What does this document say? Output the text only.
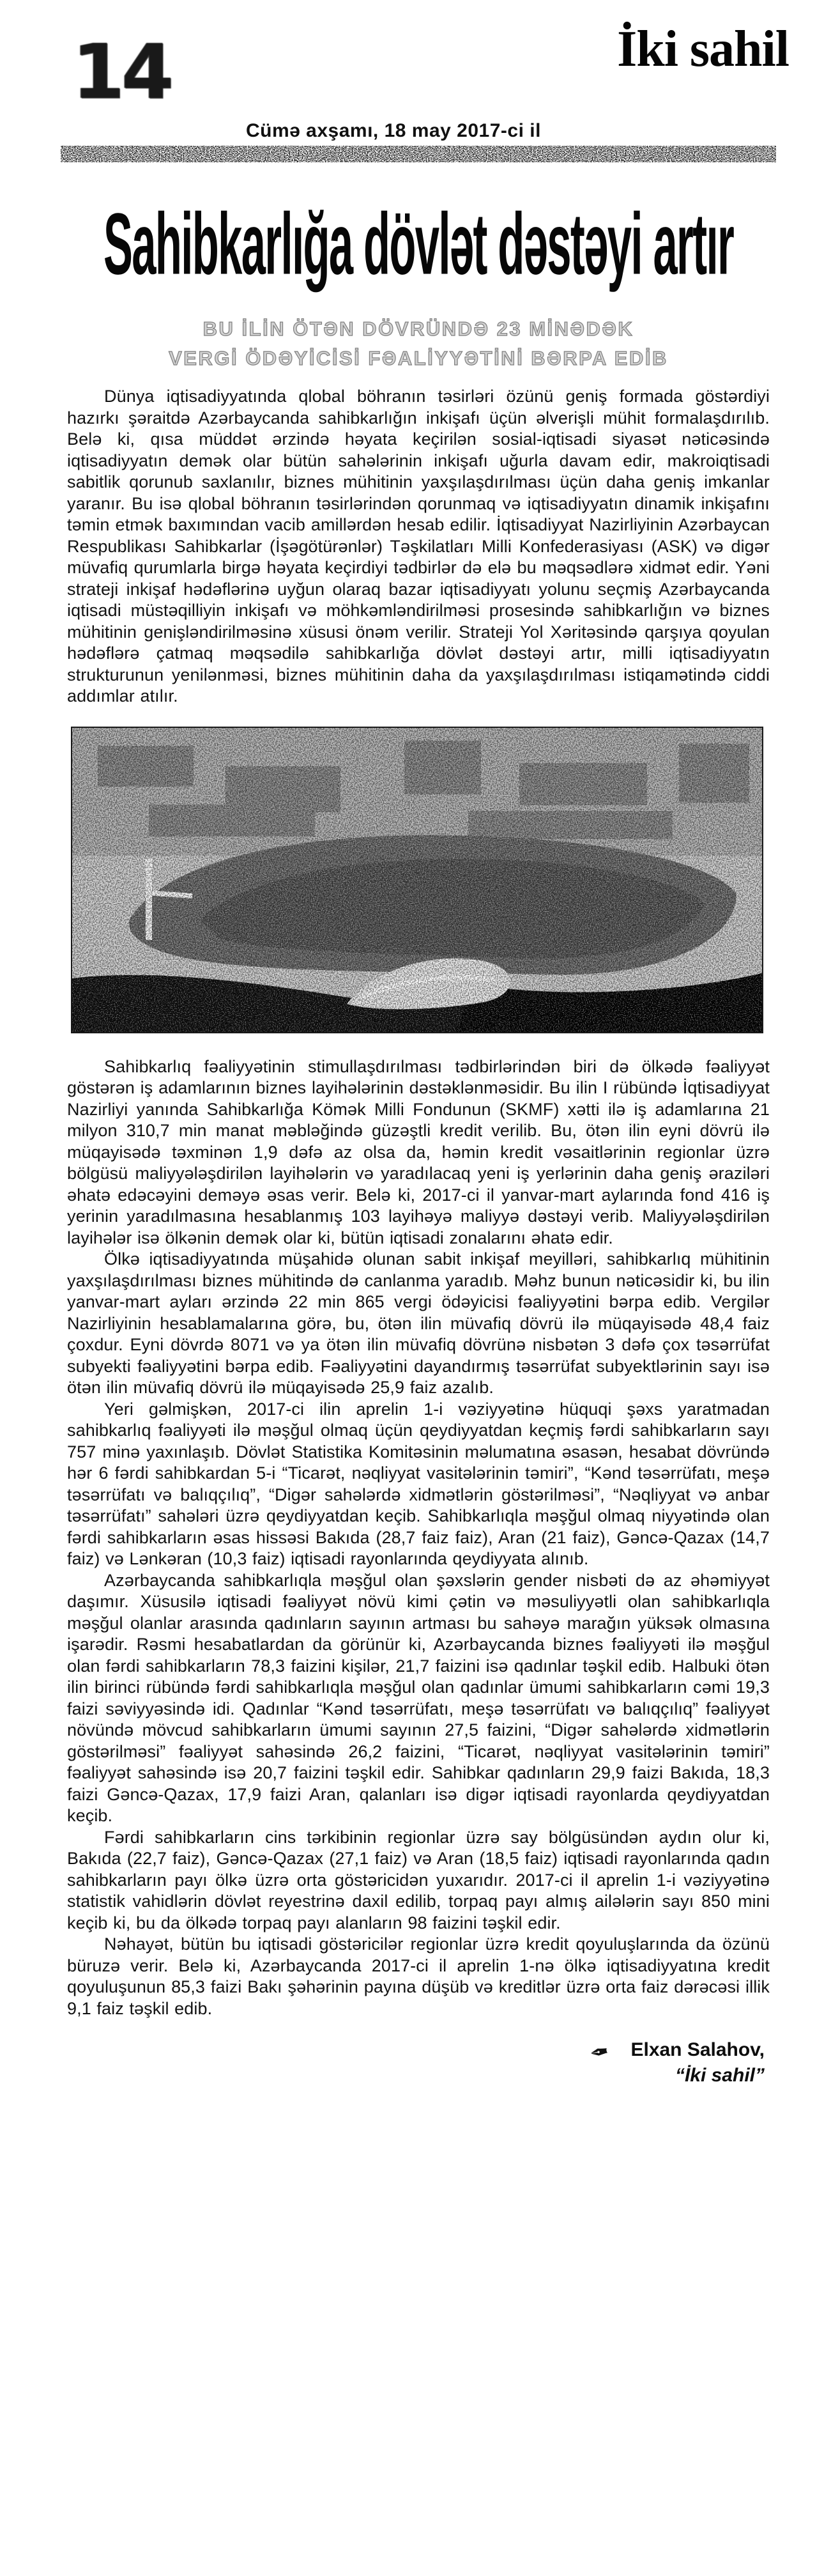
14
Cümə axşamı, 18 may 2017-ci il
İki sahil
Sahibkarlığa dövlət dəstəyi artır
BU İLİN ÖTƏN DÖVRÜNDƏ 23 MİNƏDƏK
VERGİ ÖDƏYİCİSİ FƏALİYYƏTİNİ BƏRPA EDİB

Dünya iqtisadiyyatında qlobal böhranın təsirləri özünü geniş formada göstərdiyi hazırkı şəraitdə Azərbaycanda sahibkarlığın inkişafı üçün əlverişli mühit formalaşdırılıb. Belə ki, qısa müddət ərzində həyata keçirilən sosial-iqtisadi siyasət nəticəsində iqtisadiyyatın demək olar bütün sahələrinin inkişafı uğurla davam edir, makroiqtisadi sabitlik qorunub saxlanılır, biznes mühitinin yaxşılaşdırılması üçün daha geniş imkanlar yaranır. Bu isə qlobal böhranın təsirlərindən qorunmaq və iqtisadiyyatın dinamik inkişafını təmin etmək baxımından vacib amillərdən hesab edilir. İqtisadiyyat Nazirliyinin Azərbaycan Respublikası Sahibkarlar (İşəgötürənlər) Təşkilatları Milli Konfederasiyası (ASK) və digər müvafiq qurumlarla birgə həyata keçirdiyi tədbirlər də elə bu məqsədlərə xidmət edir. Yəni strateji inkişaf hədəflərinə uyğun olaraq bazar iqtisadiyyatı yolunu seçmiş Azərbaycanda iqtisadi müstəqilliyin inkişafı və möhkəmləndirilməsi prosesində sahibkarlığın və biznes mühitinin genişləndirilməsinə xüsusi önəm verilir. Strateji Yol Xəritəsində qarşıya qoyulan hədəflərə çatmaq məqsədilə sahibkarlığa dövlət dəstəyi artır, milli iqtisadiyyatın strukturunun yenilənməsi, biznes mühitinin daha da yaxşılaşdırılması istiqamətində ciddi addımlar atılır.

Sahibkarlıq fəaliyyətinin stimullaşdırılması tədbirlərindən biri də ölkədə fəaliyyət göstərən iş adamlarının biznes layihələrinin dəstəklənməsidir. Bu ilin I rübündə İqtisadiyyat Nazirliyi yanında Sahibkarlığa Kömək Milli Fondunun (SKMF) xətti ilə iş adamlarına 21 milyon 310,7 min manat məbləğində güzəştli kredit verilib. Bu, ötən ilin eyni dövrü ilə müqayisədə təxminən 1,9 dəfə az olsa da, həmin kredit vəsaitlərinin regionlar üzrə bölgüsü maliyyələşdirilən layihələrin və yaradılacaq yeni iş yerlərinin daha geniş əraziləri əhatə edəcəyini deməyə əsas verir. Belə ki, 2017-ci il yanvar-mart aylarında fond 416 iş yerinin yaradılmasına hesablanmış 103 layihəyə maliyyə dəstəyi verib. Maliyyələşdirilən layihələr isə ölkənin demək olar ki, bütün iqtisadi zonalarını əhatə edir.

Ölkə iqtisadiyyatında müşahidə olunan sabit inkişaf meyilləri, sahibkarlıq mühitinin yaxşılaşdırılması biznes mühitində də canlanma yaradıb. Məhz bunun nəticəsidir ki, bu ilin yanvar-mart ayları ərzində 22 min 865 vergi ödəyicisi fəaliyyətini bərpa edib. Vergilər Nazirliyinin hesablamalarına görə, bu, ötən ilin müvafiq dövrü ilə müqayisədə 48,4 faiz çoxdur. Eyni dövrdə 8071 və ya ötən ilin müvafiq dövrünə nisbətən 3 dəfə çox təsərrüfat subyekti fəaliyyətini bərpa edib. Fəaliyyətini dayandırmış təsərrüfat subyektlərinin sayı isə ötən ilin müvafiq dövrü ilə müqayisədə 25,9 faiz azalıb.

Yeri gəlmişkən, 2017-ci ilin aprelin 1-i vəziyyətinə hüquqi şəxs yaratmadan sahibkarlıq fəaliyyəti ilə məşğul olmaq üçün qeydiyyatdan keçmiş fərdi sahibkarların sayı 757 minə yaxınlaşıb. Dövlət Statistika Komitəsinin məlumatına əsasən, hesabat dövründə hər 6 fərdi sahibkardan 5-i “Ticarət, nəqliyyat vasitələrinin təmiri”, “Kənd təsərrüfatı, meşə təsərrüfatı və balıqçılıq”, “Digər sahələrdə xidmətlərin göstərilməsi”, “Nəqliyyat və anbar təsərrüfatı” sahələri üzrə qeydiyyatdan keçib. Sahibkarlıqla məşğul olmaq niyyətində olan fərdi sahibkarların əsas hissəsi Bakıda (28,7 faiz faiz), Aran (21 faiz), Gəncə-Qazax (14,7 faiz) və Lənkəran (10,3 faiz) iqtisadi rayonlarında qeydiyyata alınıb.

Azərbaycanda sahibkarlıqla məşğul olan şəxslərin gender nisbəti də az əhəmiyyət daşımır. Xüsusilə iqtisadi fəaliyyət növü kimi çətin və məsuliyyətli olan sahibkarlıqla məşğul olanlar arasında qadınların sayının artması bu sahəyə marağın yüksək olmasına işarədir. Rəsmi hesabatlardan da görünür ki, Azərbaycanda biznes fəaliyyəti ilə məşğul olan fərdi sahibkarların 78,3 faizini kişilər, 21,7 faizini isə qadınlar təşkil edib. Halbuki ötən ilin birinci rübündə fərdi sahibkarlıqla məşğul olan qadınlar ümumi sahibkarların cəmi 19,3 faizi səviyyəsində idi. Qadınlar “Kənd təsərrüfatı, meşə təsərrüfatı və balıqçılıq” fəaliyyət növündə mövcud sahibkarların ümumi sayının 27,5 faizini, “Digər sahələrdə xidmətlərin göstərilməsi” fəaliyyət sahəsində 26,2 faizini, “Ticarət, nəqliyyat vasitələrinin təmiri” fəaliyyət sahəsində isə 20,7 faizini təşkil edir. Sahibkar qadınların 29,9 faizi Bakıda, 18,3 faizi Gəncə-Qazax, 17,9 faizi Aran, qalanları isə digər iqtisadi rayonlarda qeydiyyatdan keçib.

Fərdi sahibkarların cins tərkibinin regionlar üzrə say bölgüsündən aydın olur ki, Bakıda (22,7 faiz), Gəncə-Qazax (27,1 faiz) və Aran (18,5 faiz) iqtisadi rayonlarında qadın sahibkarların payı ölkə üzrə orta göstəricidən yuxarıdır. 2017-ci il aprelin 1-i vəziyyətinə statistik vahidlərin dövlət reyestrinə daxil edilib, torpaq payı almış ailələrin sayı 850 mini keçib ki, bu da ölkədə torpaq payı alanların 98 faizini təşkil edir.

Nəhayət, bütün bu iqtisadi göstəricilər regionlar üzrə kredit qoyuluşlarında da özünü büruzə verir. Belə ki, Azərbaycanda 2017-ci il aprelin 1-nə ölkə iqtisadiyyatına kredit qoyuluşunun 85,3 faizi Bakı şəhərinin payına düşüb və kreditlər üzrə orta faiz dərəcəsi illik 9,1 faiz təşkil edib.

✒ Elxan Salahov,
“İki sahil”
